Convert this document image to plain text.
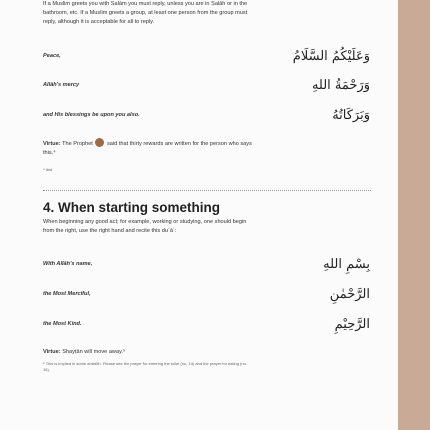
If a Muslim greets you with Salām you must reply, unless you are in Ṣalāh or in the

bathroom, etc. If a Muslim greets a group, at least one person from the group must

reply, although it is acceptable for all to reply.

Peace,	وَعَلَيْكُمُ السَّلَامُ
Allāh's mercy	وَرَحْمَةُ اللهِ
and His blessings be upon you also.	وَبَرَكَاتُهُ
Virtue: The Prophet	said that thirty rewards are written for the person who says
this.⁴
⁴ Ibid
4. When starting something

When beginning any good act; for example, working or studying, one should begin

from the right, use the right hand and recite this duʿāʾ:

With Allāh's name,	بِسْمِ اللهِ
the Most Merciful,	الرَّحْمٰنِ
the Most Kind.	الرَّحِيْمِ
Virtue: Shayṭān will move away.⁵
⁵ This is implied in some aḥādīth. Please see the prayer for entering the toilet (no. 14) and the prayer for eating (no.
16).
